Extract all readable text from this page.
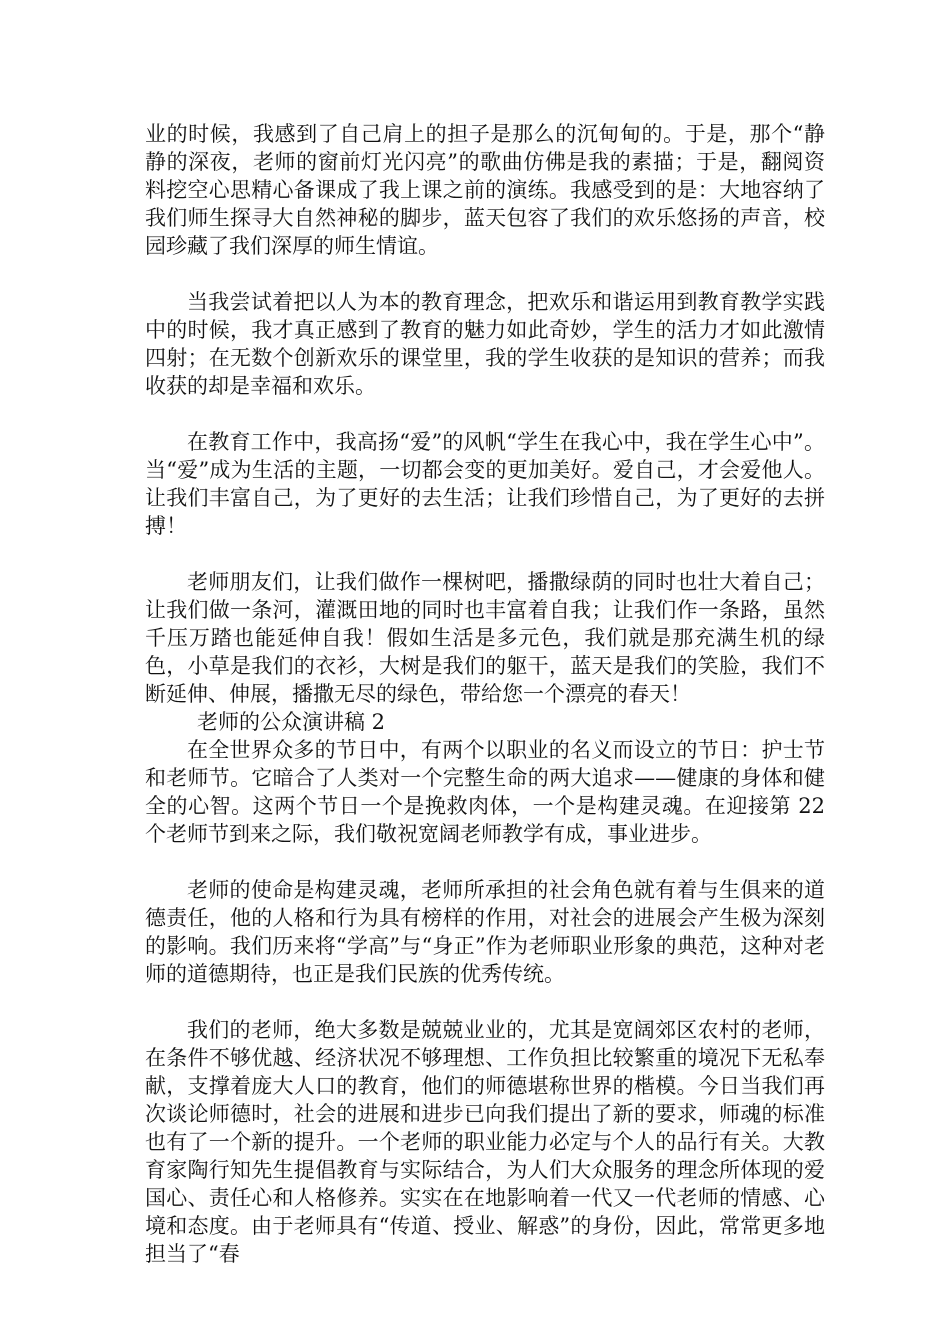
业的时候，我感到了自己肩上的担子是那么的沉甸甸的。于是，那个“静静的深夜，老师的窗前灯光闪亮”的歌曲仿佛是我的素描；于是，翻阅资料挖空心思精心备课成了我上课之前的演练。我感受到的是：大地容纳了我们师生探寻大自然神秘的脚步，蓝天包容了我们的欢乐悠扬的声音，校园珍藏了我们深厚的师生情谊。

当我尝试着把以人为本的教育理念，把欢乐和谐运用到教育教学实践中的时候，我才真正感到了教育的魅力如此奇妙，学生的活力才如此激情四射；在无数个创新欢乐的课堂里，我的学生收获的是知识的营养；而我收获的却是幸福和欢乐。

在教育工作中，我高扬“爱”的风帆“学生在我心中，我在学生心中”。当“爱”成为生活的主题，一切都会变的更加美好。爱自己，才会爱他人。让我们丰富自己，为了更好的去生活；让我们珍惜自己，为了更好的去拼搏！

老师朋友们，让我们做作一棵树吧，播撒绿荫的同时也壮大着自己；让我们做一条河，灌溉田地的同时也丰富着自我；让我们作一条路，虽然千压万踏也能延伸自我！假如生活是多元色，我们就是那充满生机的绿色，小草是我们的衣衫，大树是我们的躯干，蓝天是我们的笑脸，我们不断延伸、伸展，播撒无尽的绿色，带给您一个漂亮的春天！

老师的公众演讲稿 2

在全世界众多的节日中，有两个以职业的名义而设立的节日：护士节和老师节。它暗合了人类对一个完整生命的两大追求——健康的身体和健全的心智。这两个节日一个是挽救肉体，一个是构建灵魂。在迎接第 22 个老师节到来之际，我们敬祝宽阔老师教学有成，事业进步。

老师的使命是构建灵魂，老师所承担的社会角色就有着与生俱来的道德责任，他的人格和行为具有榜样的作用，对社会的进展会产生极为深刻的影响。我们历来将“学高”与“身正”作为老师职业形象的典范，这种对老师的道德期待，也正是我们民族的优秀传统。

我们的老师，绝大多数是兢兢业业的，尤其是宽阔郊区农村的老师，在条件不够优越、经济状况不够理想、工作负担比较繁重的境况下无私奉献，支撑着庞大人口的教育，他们的师德堪称世界的楷模。今日当我们再次谈论师德时，社会的进展和进步已向我们提出了新的要求，师魂的标准也有了一个新的提升。一个老师的职业能力必定与个人的品行有关。大教育家陶行知先生提倡教育与实际结合，为人们大众服务的理念所体现的爱国心、责任心和人格修养。实实在在地影响着一代又一代老师的情感、心境和态度。由于老师具有“传道、授业、解惑”的身份，因此，常常更多地担当了“春
